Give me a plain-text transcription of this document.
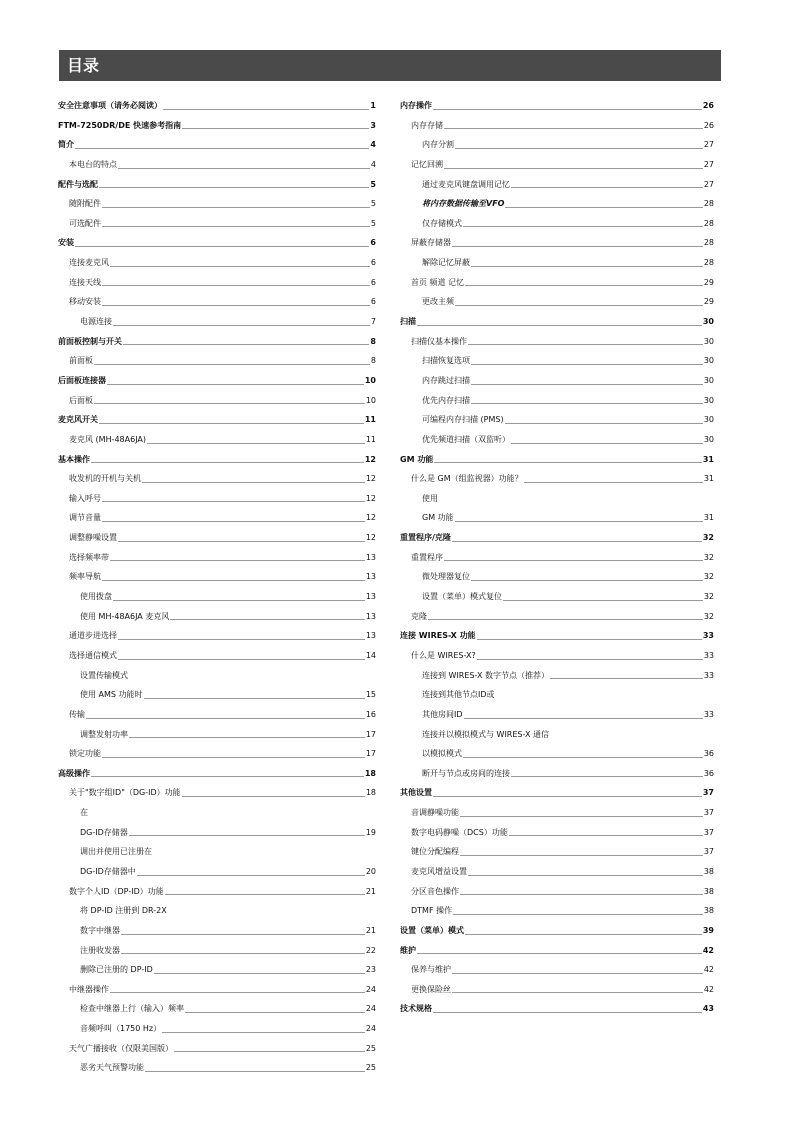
目录
安全注意事项（请务必阅读）	1
FTM-7250DR/DE 快速参考指南	3
简介	4
本电台的特点	4
配件与选配	5
随附配件	5
可选配件	5
安装	6
连接麦克风	6
连接天线	6
移动安装	6
电源连接	7
前面板控制与开关	8
前面板	8
后面板连接器	10
后面板	10
麦克风开关	11
麦克风 (MH-48A6JA)	11
基本操作	12
收发机的开机与关机	12
输入呼号	12
调节音量	12
调整静噪设置	12
选择频率带	13
频率导航	13
使用拨盘	13
使用 MH-48A6JA 麦克风	13
通道步进选择	13
选择通信模式	14
设置传输模式
使用 AMS 功能时	15
传输	16
调整发射功率	17
锁定功能	17
高级操作	18
关于"数字组ID"（DG-ID）功能	18
在
DG-ID存储器	19
调出并使用已注册在
DG-ID存储器中	20
数字个人ID（DP-ID）功能	21
将 DP-ID 注册到 DR-2X
数字中继器	21
注册收发器	22
删除已注册的 DP-ID	23
中继器操作	24
检查中继器上行（输入）频率	24
音频呼叫（1750 Hz）	24
天气广播接收（仅限美国版）	25
恶劣天气预警功能	25
内存操作	26
内存存储	26
内存分割	27
记忆回溯	27
通过麦克风键盘调用记忆	27
将内存数据传输至VFO	28
仅存储模式	28
屏蔽存储器	28
解除记忆屏蔽	28
首页 频道 记忆	29
更改主频	29
扫描	30
扫描仪基本操作	30
扫描恢复选项	30
内存跳过扫描	30
优先内存扫描	30
可编程内存扫描 (PMS)	30
优先频道扫描（双监听）	30
GM 功能	31
什么是 GM（组监视器）功能？	31
使用
GM 功能	31
重置程序/克隆	32
重置程序	32
微处理器复位	32
设置（菜单）模式复位	32
克隆	32
连接 WIRES-X 功能	33
什么是 WIRES-X?	33
连接到 WIRES-X 数字节点（推荐）	33
连接到其他节点ID或
其他房间ID	33
连接并以模拟模式与 WIRES-X 通信
以模拟模式	36
断开与节点或房间的连接	36
其他设置	37
音调静噪功能	37
数字电码静噪（DCS）功能	37
键位分配编程	37
麦克风增益设置	38
分区音色操作	38
DTMF 操作	38
设置（菜单）模式	39
维护	42
保养与维护	42
更换保险丝	42
技术规格	43
